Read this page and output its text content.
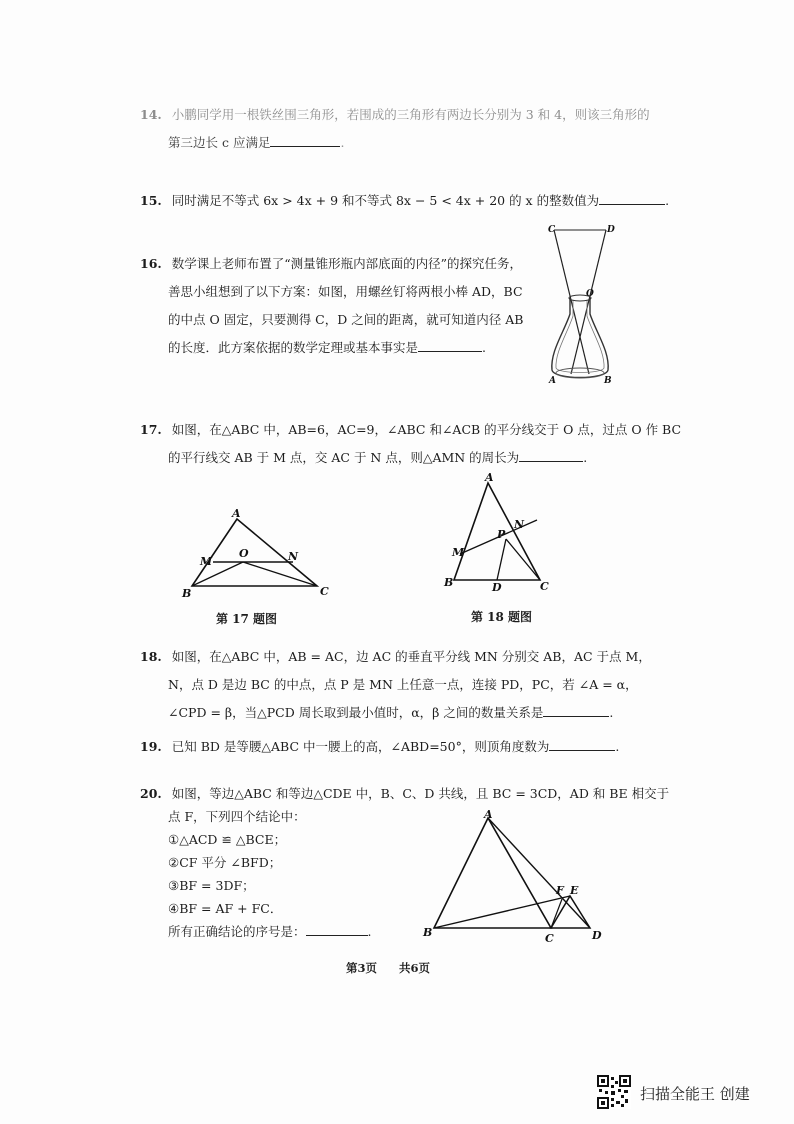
14. 小鹏同学用一根铁丝围三角形，若围成的三角形有两边长分别为 3 和 4，则该三角形的
第三边长 c 应满足	.
15. 同时满足不等式 6x > 4x + 9 和不等式 8x − 5 < 4x + 20 的 x 的整数值为	.
16. 数学课上老师布置了“测量锥形瓶内部底面的内径”的探究任务，
善思小组想到了以下方案：如图，用螺丝钉将两根小棒 AD，BC
的中点 O 固定，只要测得 C，D 之间的距离，就可知道内径 AB
的长度．此方案依据的数学定理或基本事实是	.
C	D
O
A	B
17. 如图，在△ABC 中，AB=6，AC=9，∠ABC 和∠ACB 的平分线交于 O 点，过点 O 作 BC
的平行线交 AB 于 M 点，交 AC 于 N 点，则△AMN 的周长为	.
A
M
O	N
B	C
第 17 题图
A
M
P
N
B	D	C
第 18 题图
18. 如图，在△ABC 中，AB = AC，边 AC 的垂直平分线 MN 分别交 AB，AC 于点 M，
N，点 D 是边 BC 的中点，点 P 是 MN 上任意一点，连接 PD，PC，若 ∠A = α，
∠CPD = β，当△PCD 周长取到最小值时，α，β 之间的数量关系是	.
19. 已知 BD 是等腰△ABC 中一腰上的高，∠ABD=50°，则顶角度数为	.
20. 如图，等边△ABC 和等边△CDE 中，B、C、D 共线，且 BC = 3CD，AD 和 BE 相交于
点 F，下列四个结论中：
①△ACD ≌ △BCE；
②CF 平分 ∠BFD；
③BF = 3DF；
④BF = AF + FC．
所有正确结论的序号是：	.
A
F E
B	C	D
第3页 共6页
扫描全能王 创建
